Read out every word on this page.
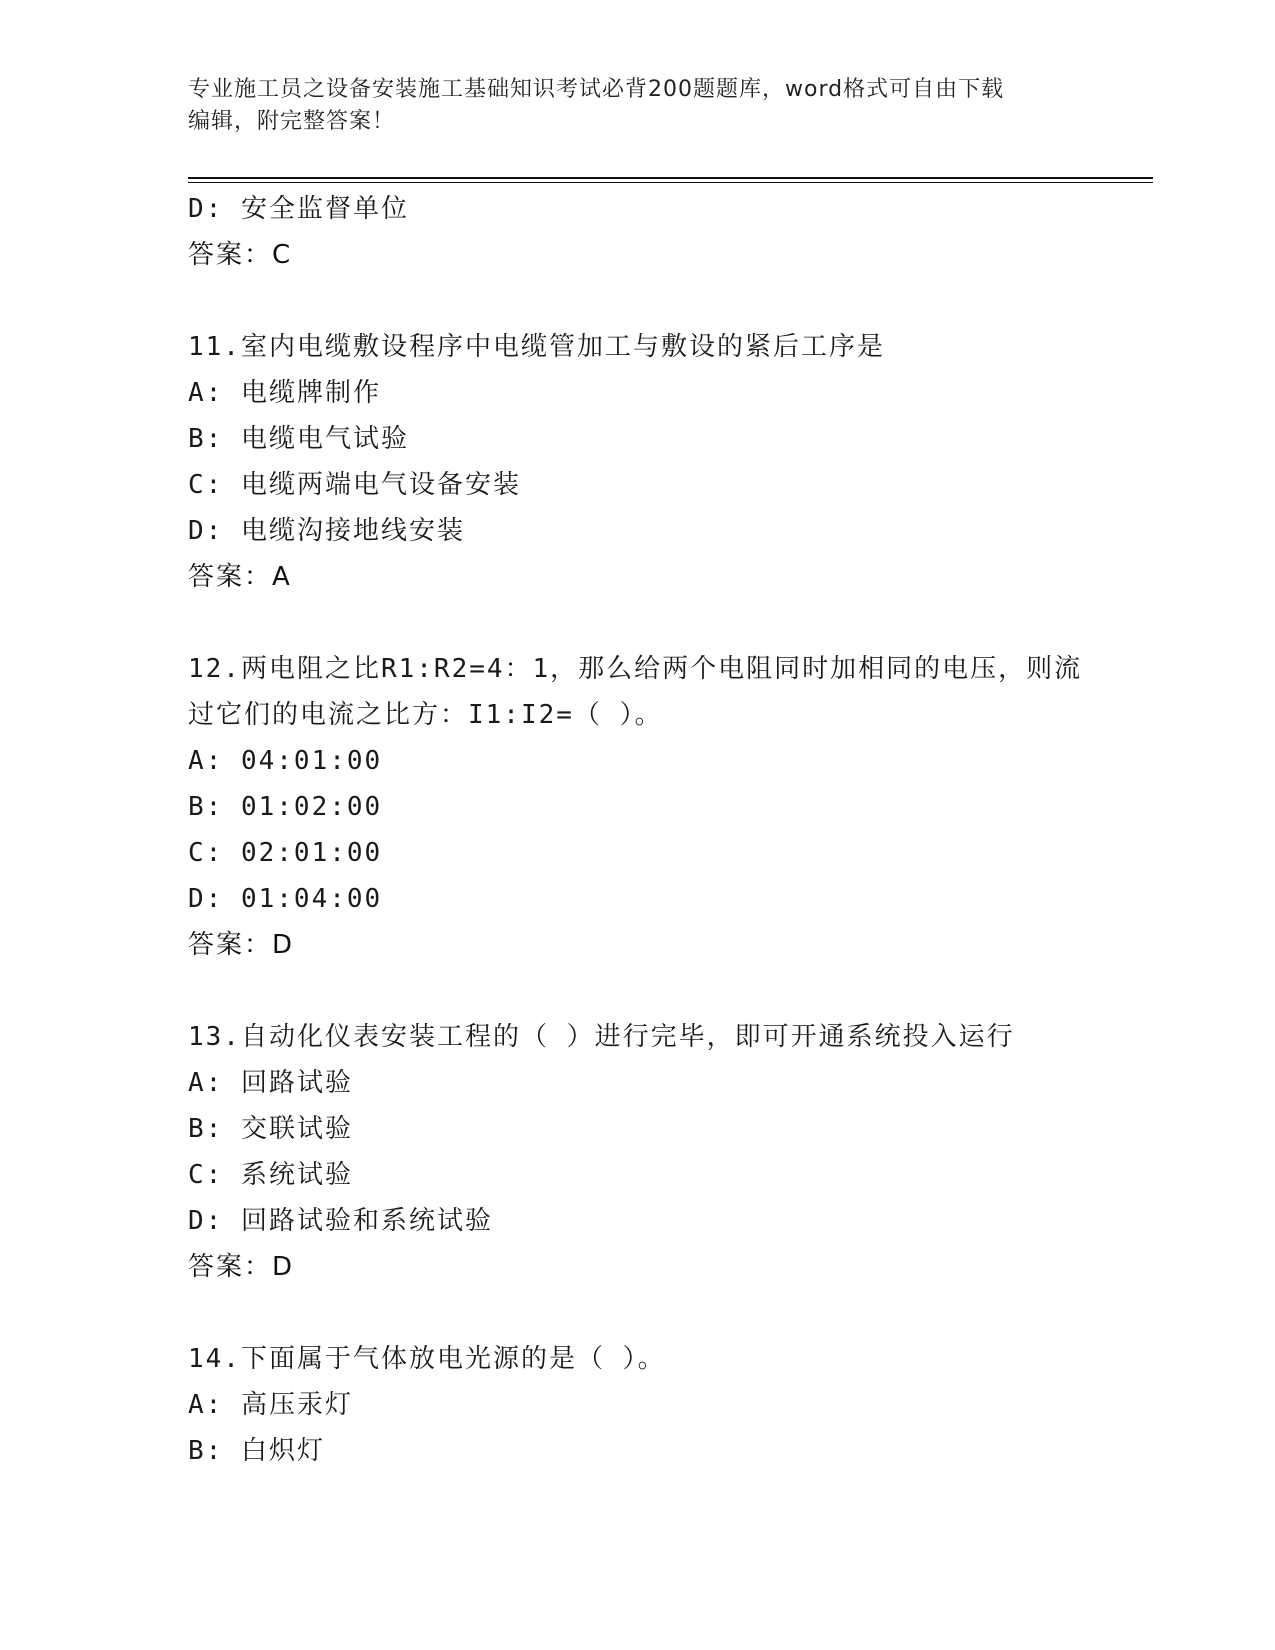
专业施工员之设备安装施工基础知识考试必背200题题库，word格式可自由下载
编辑，附完整答案！
D: 安全监督单位
答案：C
11.室内电缆敷设程序中电缆管加工与敷设的紧后工序是
A: 电缆牌制作
B: 电缆电气试验
C: 电缆两端电气设备安装
D: 电缆沟接地线安装
答案：A
12.两电阻之比R1:R2=4：1，那么给两个电阻同时加相同的电压，则流
过它们的电流之比方：I1:I2=（ ）。
A: 04:01:00
B: 01:02:00
C: 02:01:00
D: 01:04:00
答案：D
13.自动化仪表安装工程的（ ）进行完毕，即可开通系统投入运行
A: 回路试验
B: 交联试验
C: 系统试验
D: 回路试验和系统试验
答案：D
14.下面属于气体放电光源的是（ ）。
A: 高压汞灯
B: 白炽灯
